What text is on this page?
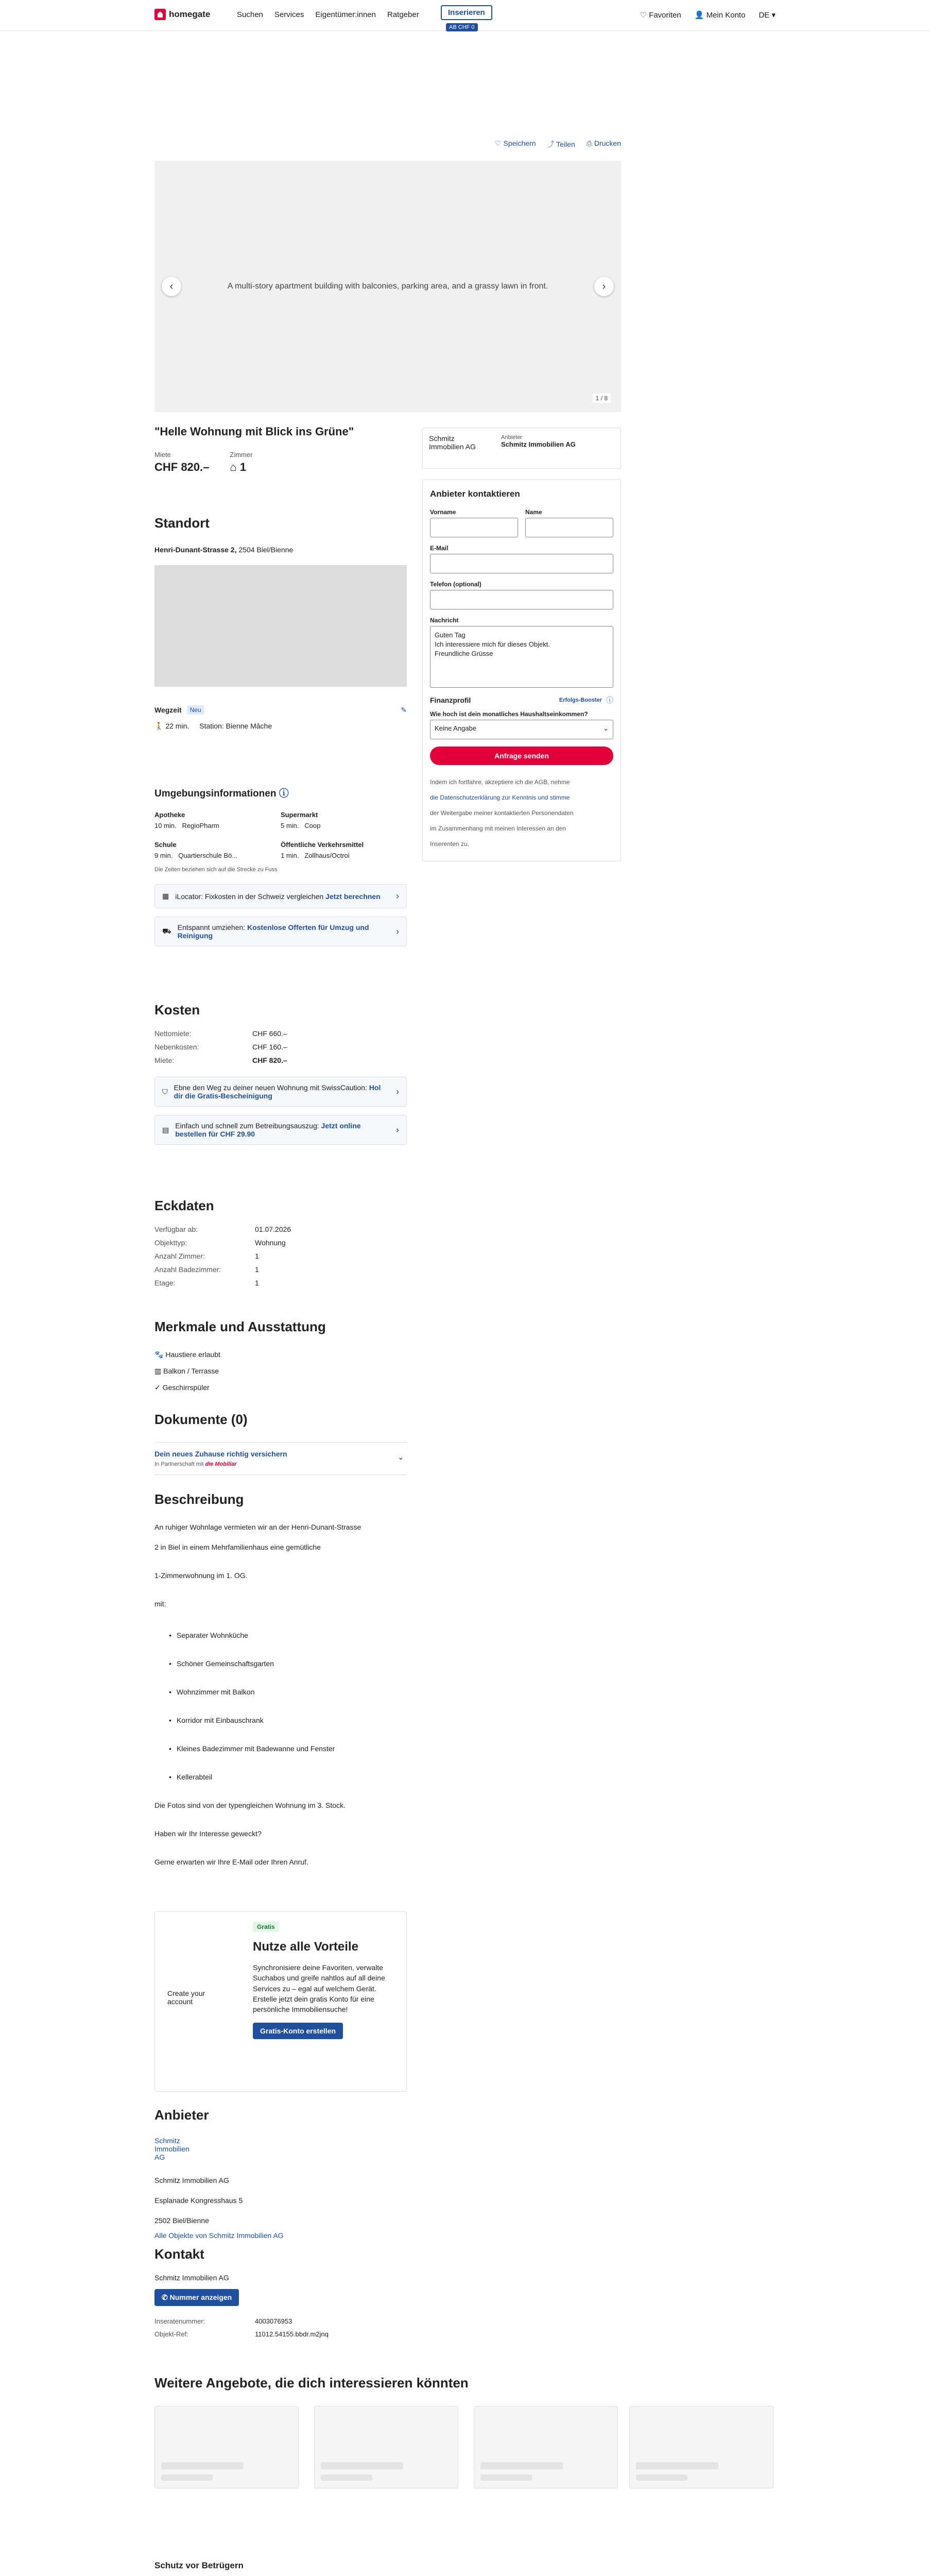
homegate	Suchen Services Eigentümer:innen Ratgeber	Inserieren
AB CHF 0
♡ Favoriten 👤 Mein Konto DE ▾
♡ Speichern ⤴ Teilen ⎙ Drucken
A multi-story apartment building with balconies, parking area, and a grassy lawn in front.
‹	›
1 / 8
"Helle Wohnung mit Blick ins Grüne"
Miete
CHF 820.–
Zimmer
⌂ 1
Standort
Henri-Dunant-Strasse 2, 2504 Biel/Bienne
Wegzeit	Neu	✎
🚶 22 min. Station: Bienne Mâche
Umgebungsinformationen ⓘ
Apotheke
10 min. RegioPharm
Supermarkt
5 min. Coop
Schule
9 min. Quartierschule Bö...
Öffentliche Verkehrsmittel
1 min. Zollhaus/Octroi
Die Zeiten beziehen sich auf die Strecke zu Fuss
▦ iLocator: Fixkosten in der Schweiz vergleichen Jetzt berechnen ›
⛟ Entspannt umziehen: Kostenlose Offerten für Umzug und Reinigung	›
Kosten
Nettomiete:	CHF 660.–
Nebenkosten:	CHF 160.–
Miete:	CHF 820.–
⛉ Ebne den Weg zu deiner neuen Wohnung mit SwissCaution: Hol dir die Gratis-Bescheinigung	›
▤ Einfach und schnell zum Betreibungsauszug: Jetzt online bestellen für CHF 29.90	›
Eckdaten
Verfügbar ab:	01.07.2026
Objekttyp:	Wohnung
Anzahl Zimmer:	1
Anzahl Badezimmer:	1
Etage:	1
Merkmale und Ausstattung
🐾 Haustiere erlaubt
▥ Balkon / Terrasse
✓ Geschirrspüler
Dokumente (0)
Dein neues Zuhause richtig versichern
In Partnerschaft mit die Mobiliar
⌄
Beschreibung

An ruhiger Wohnlage vermieten wir an der Henri-Dunant-Strasse

2 in Biel in einem Mehrfamilienhaus eine gemütliche

1-Zimmerwohnung im 1. OG.

mit:

• Separater Wohnküche
• Schöner Gemeinschaftsgarten
• Wohnzimmer mit Balkon
• Korridor mit Einbauschrank
• Kleines Badezimmer mit Badewanne und Fenster
• Kellerabteil

Die Fotos sind von der typengleichen Wohnung im 3. Stock.

Haben wir Ihr Interesse geweckt?

Gerne erwarten wir Ihre E-Mail oder Ihren Anruf.

Create your account
Gratis
Nutze alle Vorteile

Synchronisiere deine Favoriten, verwalte Suchabos und greife nahtlos auf all deine Services zu – egal auf welchem Gerät. Erstelle jetzt dein gratis Konto für eine persönliche Immobiliensuche!

Gratis-Konto erstellen
Anbieter
Schmitz Immobilien AG
Schmitz Immobilien AG
Esplanade Kongresshaus 5
2502 Biel/Bienne
Alle Objekte von Schmitz Immobilien AG
Kontakt
Schmitz Immobilien AG
✆ Nummer anzeigen
Inseratenummer:	4003076953
Objekt-Ref:	11012.54155.bbdr.m2jnq
Weitere Angebote, die dich interessieren könnten
Schutz vor Betrügern

Schmitz Immobilien AG
Anbieter
Schmitz Immobilien AG
Anbieter kontaktieren
Vorname	Name
E-Mail
Telefon (optional)
Nachricht
Guten Tag
Ich interessiere mich für dieses Objekt.
Freundliche Grüsse
Finanzprofil	Erfolgs-Booster ⓘ
Wie hoch ist dein monatliches Haushaltseinkommen?
Keine Angabe	⌄
Anfrage senden
Indem ich fortfahre, akzeptiere ich die AGB, nehme
die Datenschutzerklärung zur Kenntnis und stimme
der Weitergabe meiner kontaktierten Personendaten
im Zusammenhang mit meinen Interessen an den
Inserenten zu.
